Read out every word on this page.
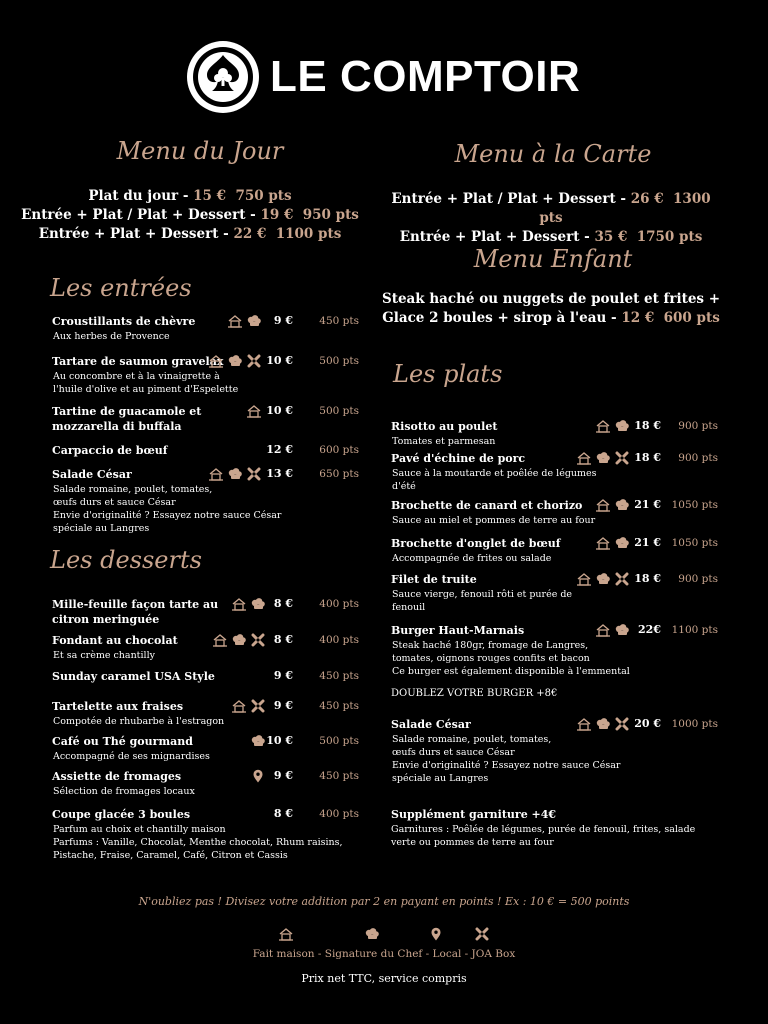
LE COMPTOIR
Menu du Jour
Plat du jour - 15 € 750 pts
Entrée + Plat / Plat + Dessert - 19 € 950 pts
Entrée + Plat + Dessert - 22 € 1100 pts
Menu à la Carte
Entrée + Plat / Plat + Dessert - 26 € 1300 pts
Entrée + Plat + Dessert - 35 € 1750 pts
Menu Enfant
Steak haché ou nuggets de poulet et frites +
Glace 2 boules + sirop à l'eau - 12 € 600 pts
Les entrées
Les desserts
Les plats
Croustillants de chèvre
Aux herbes de Provence
9 €	450 pts
Tartare de saumon gravelax
Au concombre et à la vinaigrette à
l'huile d'olive et au piment d'Espelette
10 €	500 pts
Tartine de guacamole et
mozzarella di buffala
10 €	500 pts
Carpaccio de bœuf	12 €	600 pts
Salade César
Salade romaine, poulet, tomates,
œufs durs et sauce César
Envie d'originalité ? Essayez notre sauce César
spéciale au Langres
13 €	650 pts
Mille-feuille façon tarte au
citron meringuée
8 €	400 pts
Fondant au chocolat
Et sa crème chantilly
8 €	400 pts
Sunday caramel USA Style	9 €	450 pts
Tartelette aux fraises
Compotée de rhubarbe à l'estragon
9 €	450 pts
Café ou Thé gourmand
Accompagné de ses mignardises
10 €	500 pts
Assiette de fromages
Sélection de fromages locaux
9 €	450 pts
Coupe glacée 3 boules
Parfum au choix et chantilly maison
Parfums : Vanille, Chocolat, Menthe chocolat, Rhum raisins,
Pistache, Fraise, Caramel, Café, Citron et Cassis
8 €	400 pts
Risotto au poulet
Tomates et parmesan
18 €	900 pts
Pavé d'échine de porc
Sauce à la moutarde et poêlée de légumes
d'été
18 €	900 pts
Brochette de canard et chorizo
Sauce au miel et pommes de terre au four
21 €	1050 pts
Brochette d'onglet de bœuf
Accompagnée de frites ou salade
21 €	1050 pts
Filet de truite
Sauce vierge, fenouil rôti et purée de
fenouil
18 €	900 pts
Burger Haut-Marnais
Steak haché 180gr, fromage de Langres,
tomates, oignons rouges confits et bacon
Ce burger est également disponible à l'emmental
22€	1100 pts
Salade César
Salade romaine, poulet, tomates,
œufs durs et sauce César
Envie d'originalité ? Essayez notre sauce César
spéciale au Langres
20 €	1000 pts
DOUBLEZ VOTRE BURGER +8€
Supplément garniture +4€
Garnitures : Poêlée de légumes, purée de fenouil, frites, salade
verte ou pommes de terre au four
N'oubliez pas ! Divisez votre addition par 2 en payant en points ! Ex : 10 € = 500 points
Fait maison - Signature du Chef - Local - JOA Box
Prix net TTC, service compris
